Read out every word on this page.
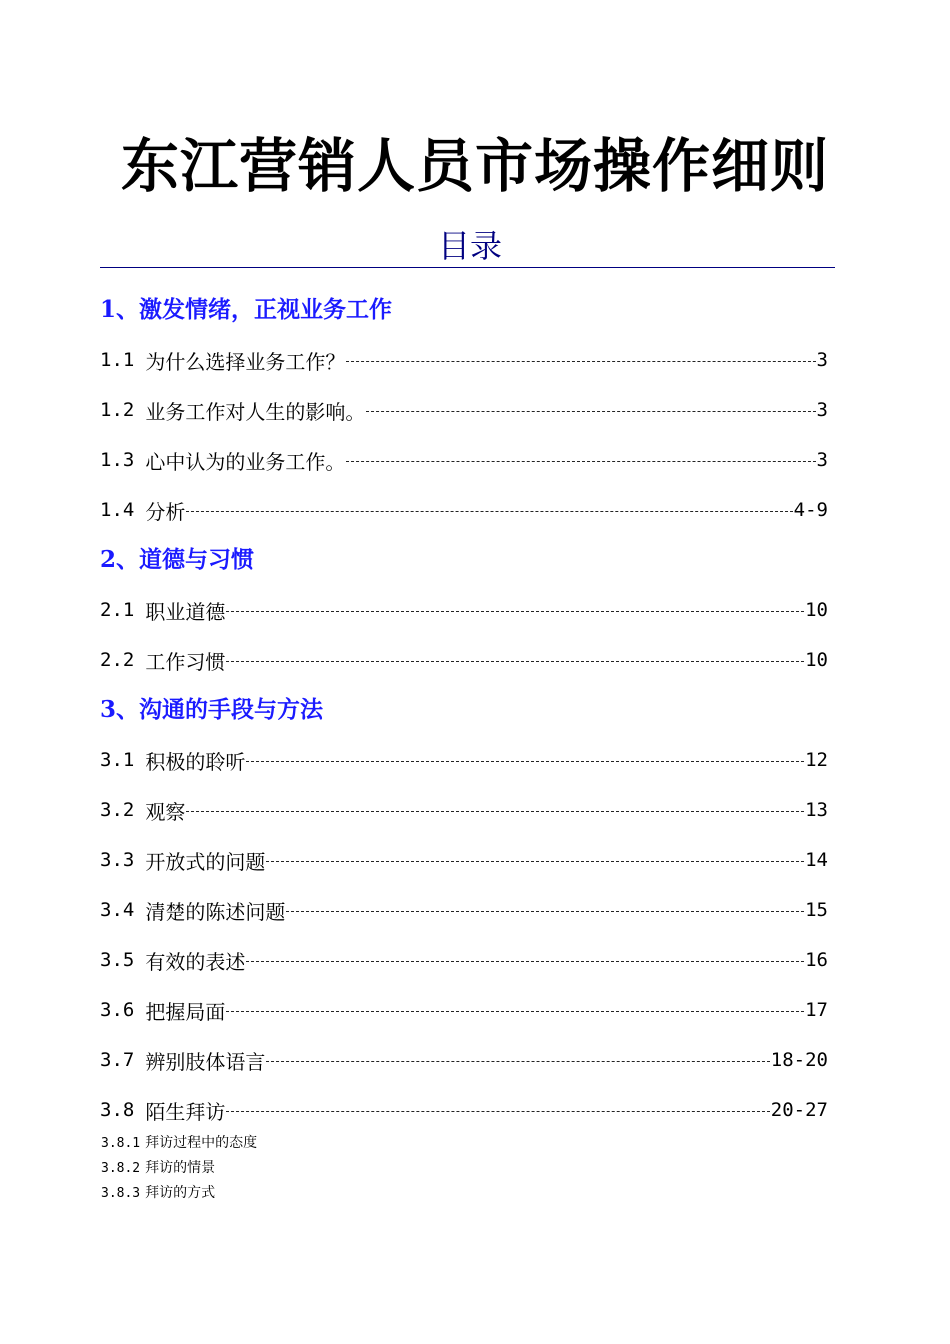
东江营销人员市场操作细则
目录
1、激发情绪，正视业务工作
1.1 为什么选择业务工作？	3
1.2 业务工作对人生的影响。	3
1.3 心中认为的业务工作。	3
1.4 分析	4-9
2、道德与习惯
2.1 职业道德	10
2.2 工作习惯	10
3、沟通的手段与方法
3.1 积极的聆听	12
3.2 观察	13
3.3 开放式的问题	14
3.4 清楚的陈述问题	15
3.5 有效的表述	16
3.6 把握局面	17
3.7 辨别肢体语言	18-20
3.8 陌生拜访	20-27
3.8.1 拜访过程中的态度
3.8.2 拜访的情景
3.8.3 拜访的方式
